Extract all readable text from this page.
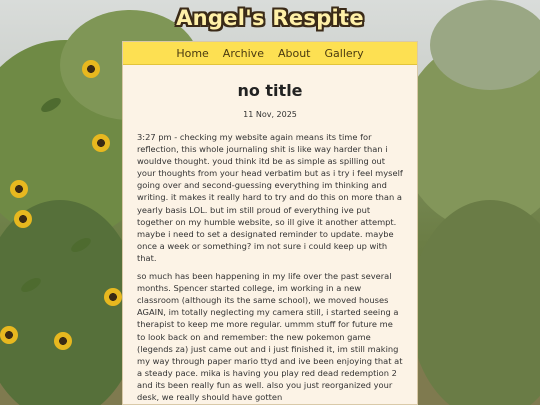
Angel's Respite
Home Archive About Gallery
no title
11 Nov, 2025

3:27 pm - checking my website again means its time for reflection, this whole journaling shit is like way harder than i wouldve thought. youd think itd be as simple as spilling out your thoughts from your head verbatim but as i try i feel myself going over and second-guessing everything im thinking and writing. it makes it really hard to try and do this on more than a yearly basis LOL. but im still proud of everything ive put together on my humble website, so ill give it another attempt. maybe i need to set a designated reminder to update. maybe once a week or something? im not sure i could keep up with that.

so much has been happening in my life over the past several months. Spencer started college, im working in a new classroom (although its the same school), we moved houses AGAIN, im totally neglecting my camera still, i started seeing a therapist to keep me more regular. ummm stuff for future me to look back on and remember: the new pokemon game (legends za) just came out and i just finished it, im still making my way through paper mario ttyd and ive been enjoying that at a steady pace. mika is having you play red dead redemption 2 and its been really fun as well. also you just reorganized your desk, we really should have gotten
